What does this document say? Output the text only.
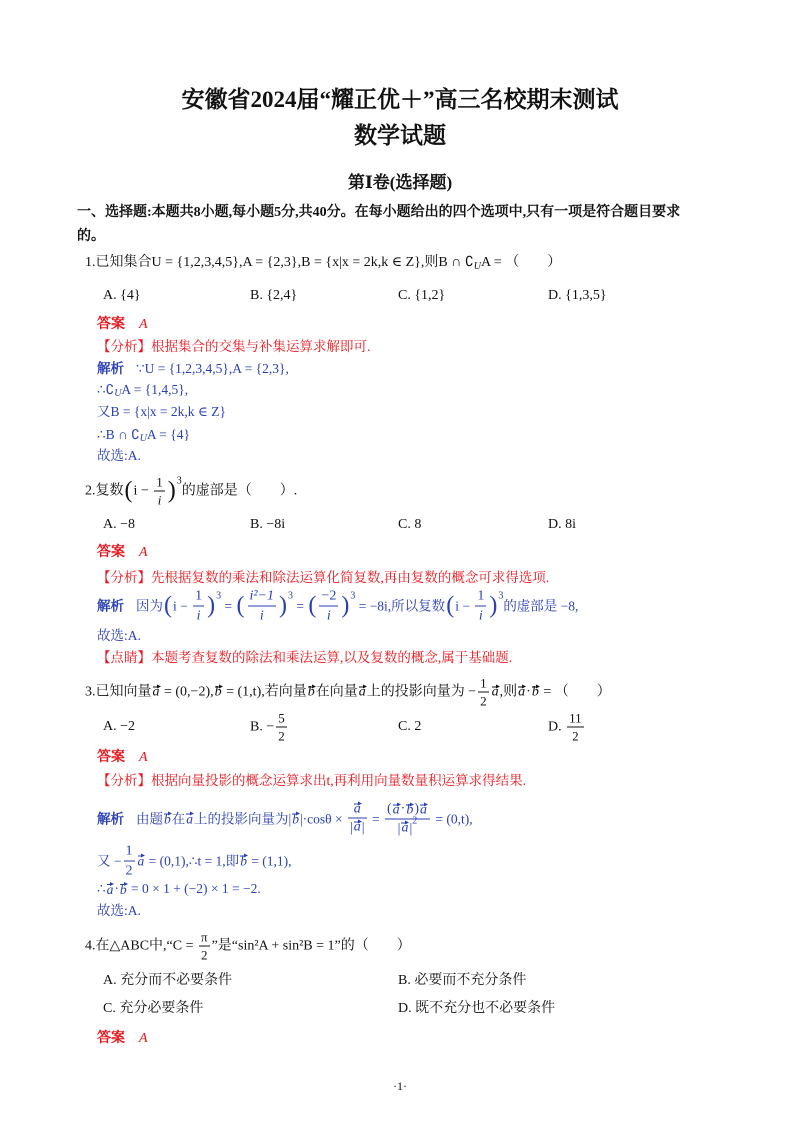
安徽省2024届“耀正优＋”高三名校期末测试
数学试题
第Ⅰ卷(选择题)
一、选择题:本题共8小题,每小题5分,共40分。在每小题给出的四个选项中,只有一项是符合题目要求
的。
1.已知集合U = {1,2,3,4,5},A = {2,3},B = {x|x = 2k,k ∈ Z},则B ∩ ∁ U A = （　　）
A. {4}	B. {2,4}	C. {1,2}	D. {1,3,5}
答案 A
【分析】根据集合的交集与补集运算求解即可.
解析 ∵U = {1,2,3,4,5},A = {2,3},
∴∁ U A = {1,4,5},
又B = {x|x = 2k,k ∈ Z}
∴B ∩ ∁ U A = {4}
故选:A.
2.复数 ( $i - \frac{1}{i}$ ) 3
的虚部是（　　）.
A. −8	B. −8i	C. 8	D. 8i
答案 A
【分析】先根据复数的乘法和除法运算化简复数,再由复数的概念可求得选项.
解析 因为 ( $i - \frac{1}{i}$ ) 3
= ( $\frac{\text{i²−1}}{i}$ ) 3
= ( $\frac{-2}{i}$ ) 3
= −8i,所以复数 ( $i - \frac{1}{i}$ ) 3
的虚部是 −8,
故选:A.
【点睛】本题考查复数的除法和乘法运算,以及复数的概念,属于基础题.
3.已知向量 a = (0,−2), b = (1,t),若向量 b 在向量 a 上的投影向量为 − $\frac{1}{2}$ a ,则 a · b = （　　）
A. −2	B. − $\frac{5}{2}$	C. 2	D. $\frac{11}{2}$
答案 A
【分析】根据向量投影的概念运算求出t,再利用向量数量积运算求得结果.
解析 由题 b 在 a 上的投影向量为 | b $|\cdot\cos\theta \times \frac{a}{| a |}$ = ( a · b ) a
| a |
2 = (0,t),
又 − $\frac{1}{2}$ a = (0,1),∴t = 1,即 b = (1,1),
∴ a · b = 0 × 1 + (−2) × 1 = −2.
故选:A.
4.在△ABC中,“C = $\frac{\pi}{2}$ ”是“sin²A + sin²B = 1”的（　　）
A. 充分而不必要条件	B. 必要而不充分条件
C. 充分必要条件	D. 既不充分也不必要条件
答案 A
·1·
